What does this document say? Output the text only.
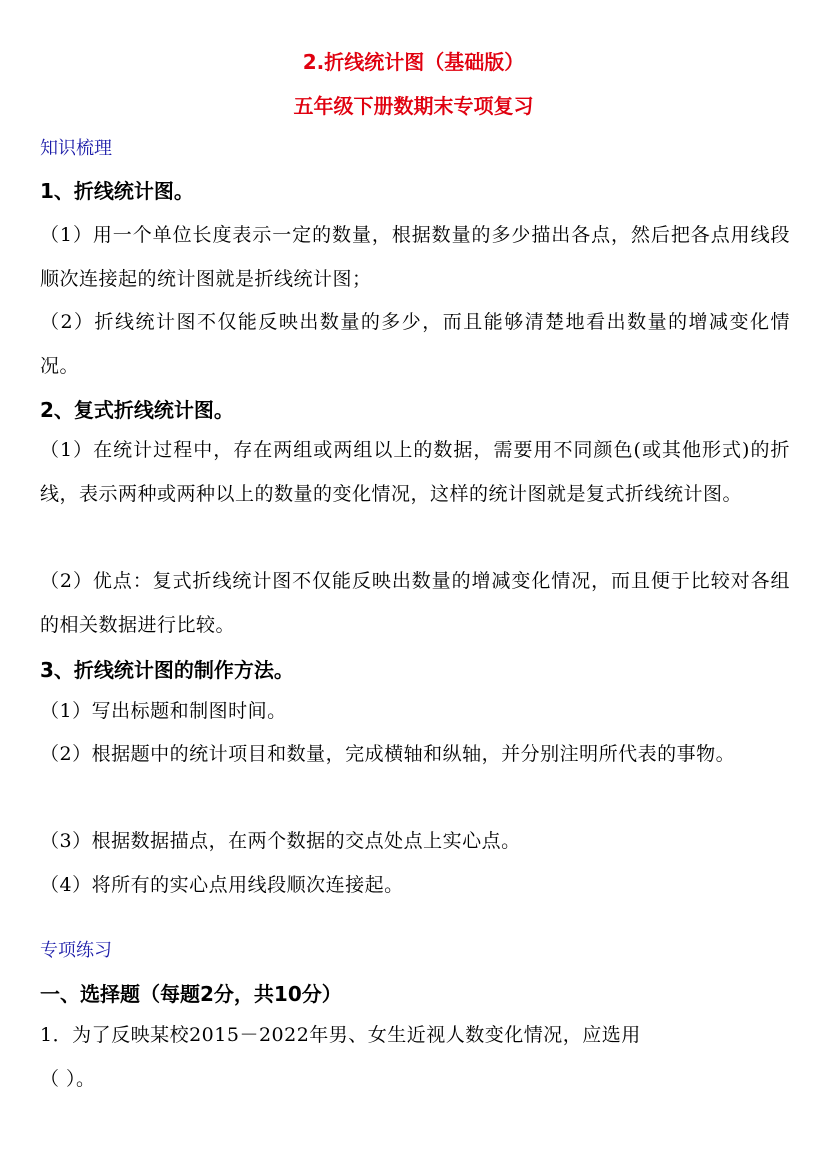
2.折线统计图（基础版）
五年级下册数期末专项复习
知识梳理
1、折线统计图。
（1）用一个单位长度表示一定的数量，根据数量的多少描出各点，然后把各点用线段顺次连接起的统计图就是折线统计图；
（2）折线统计图不仅能反映出数量的多少，而且能够清楚地看出数量的增减变化情况。
2、复式折线统计图。
（1）在统计过程中，存在两组或两组以上的数据，需要用不同颜色(或其他形式)的折线，表示两种或两种以上的数量的变化情况，这样的统计图就是复式折线统计图。
（2）优点：复式折线统计图不仅能反映出数量的增减变化情况，而且便于比较对各组的相关数据进行比较。
3、折线统计图的制作方法。
（1）写出标题和制图时间。
（2）根据题中的统计项目和数量，完成横轴和纵轴，并分别注明所代表的事物。
（3）根据数据描点，在两个数据的交点处点上实心点。
（4）将所有的实心点用线段顺次连接起。
专项练习
一、选择题（每题2分，共10分）
1．为了反映某校2015－2022年男、女生近视人数变化情况，应选用
（ ）。
